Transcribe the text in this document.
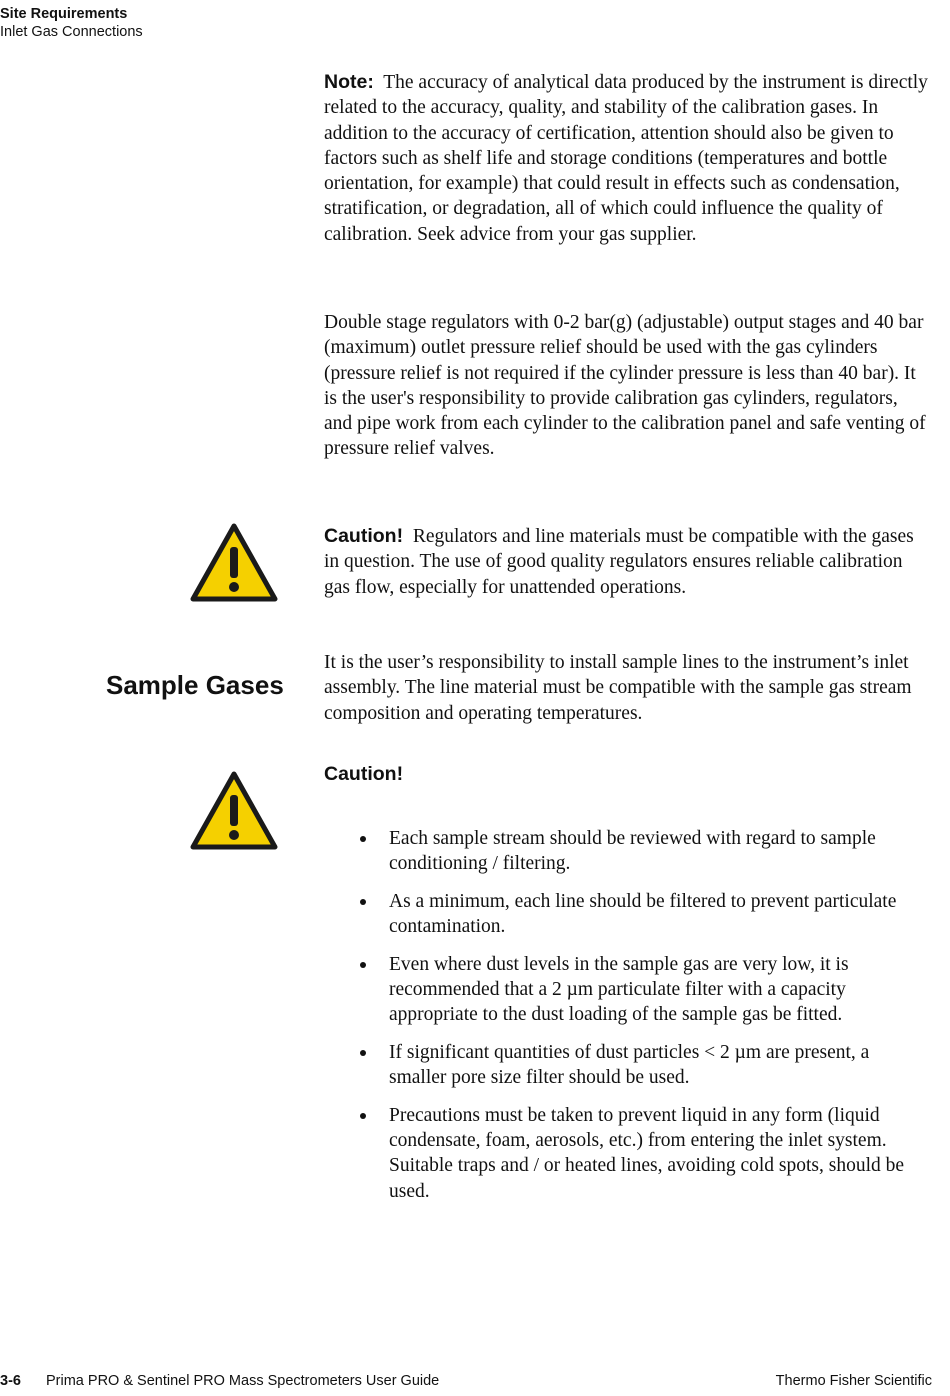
Site Requirements
Inlet Gas Connections
Note: The accuracy of analytical data produced by the instrument is directly related to the accuracy, quality, and stability of the calibration gases. In addition to the accuracy of certification, attention should also be given to factors such as shelf life and storage conditions (temperatures and bottle orientation, for example) that could result in effects such as condensation, stratification, or degradation, all of which could influence the quality of calibration. Seek advice from your gas supplier.
Double stage regulators with 0-2 bar(g) (adjustable) output stages and 40 bar (maximum) outlet pressure relief should be used with the gas cylinders (pressure relief is not required if the cylinder pressure is less than 40 bar). It is the user's responsibility to provide calibration gas cylinders, regulators, and pipe work from each cylinder to the calibration panel and safe venting of pressure relief valves.
Caution! Regulators and line materials must be compatible with the gases in question. The use of good quality regulators ensures reliable calibration gas flow, especially for unattended operations.
Sample Gases
It is the user’s responsibility to install sample lines to the instrument’s inlet assembly. The line material must be compatible with the sample gas stream composition and operating temperatures.
Caution!
Each sample stream should be reviewed with regard to sample conditioning / filtering.
As a minimum, each line should be filtered to prevent particulate contamination.
Even where dust levels in the sample gas are very low, it is recommended that a 2 µm particulate filter with a capacity appropriate to the dust loading of the sample gas be fitted.
If significant quantities of dust particles < 2 µm are present, a smaller pore size filter should be used.
Precautions must be taken to prevent liquid in any form (liquid condensate, foam, aerosols, etc.) from entering the inlet system.
Suitable traps and / or heated lines, avoiding cold spots, should be used.
3-6 Prima PRO & Sentinel PRO Mass Spectrometers User Guide	Thermo Fisher Scientific
